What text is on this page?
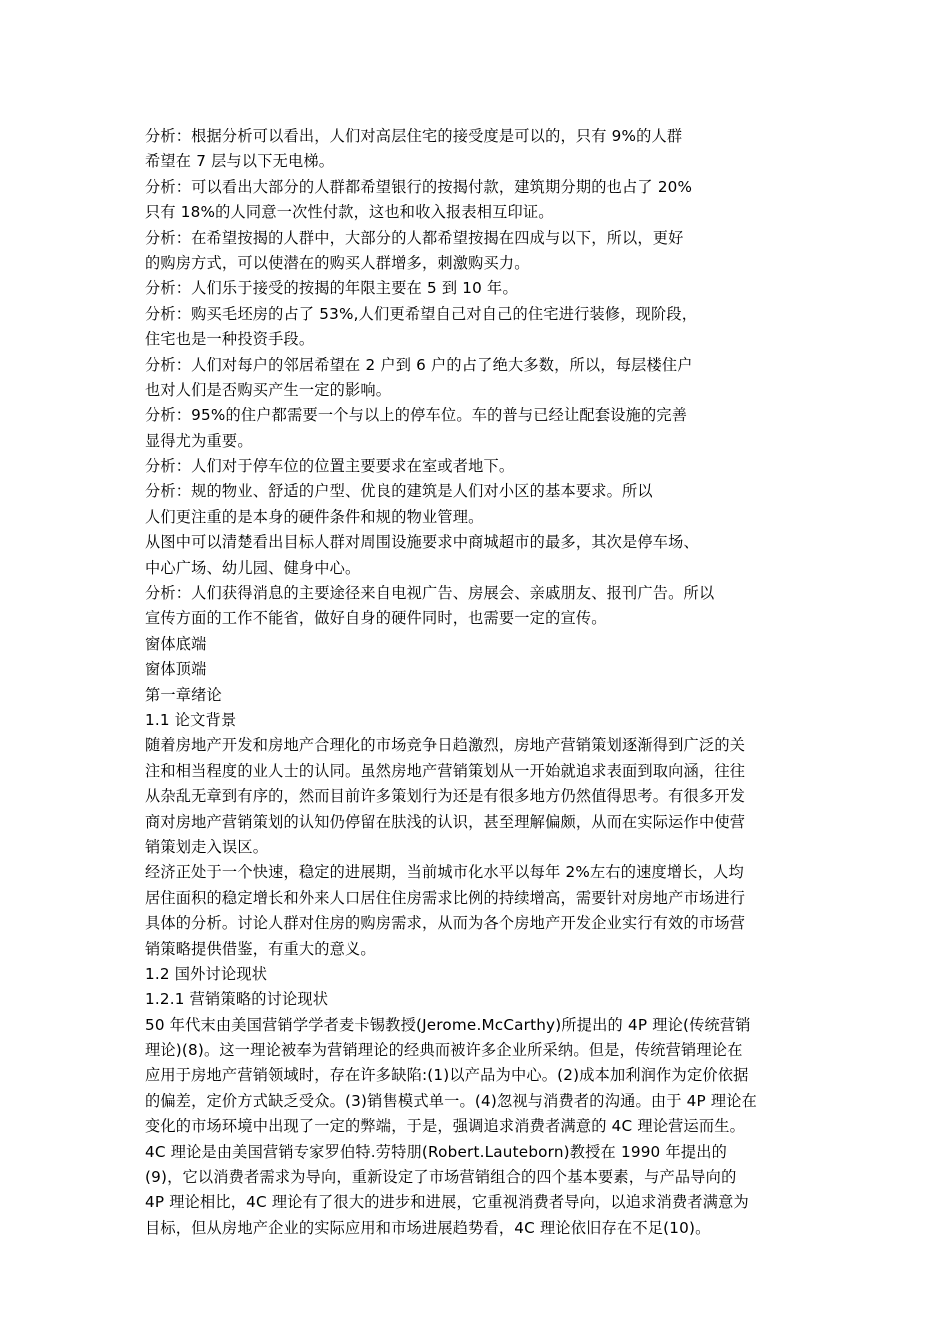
分析：根据分析可以看出，人们对高层住宅的接受度是可以的，只有 9%的人群
希望在 7 层与以下无电梯。
分析：可以看出大部分的人群都希望银行的按揭付款，建筑期分期的也占了 20%
只有 18%的人同意一次性付款，这也和收入报表相互印证。
分析：在希望按揭的人群中，大部分的人都希望按揭在四成与以下，所以，更好
的购房方式，可以使潜在的购买人群增多，刺激购买力。
分析：人们乐于接受的按揭的年限主要在 5 到 10 年。
分析：购买毛坯房的占了 53%,人们更希望自己对自己的住宅进行装修，现阶段，
住宅也是一种投资手段。
分析：人们对每户的邻居希望在 2 户到 6 户的占了绝大多数，所以，每层楼住户
也对人们是否购买产生一定的影响。
分析：95%的住户都需要一个与以上的停车位。车的普与已经让配套设施的完善
显得尤为重要。
分析：人们对于停车位的位置主要要求在室或者地下。
分析：规的物业、舒适的户型、优良的建筑是人们对小区的基本要求。所以
人们更注重的是本身的硬件条件和规的物业管理。
从图中可以清楚看出目标人群对周围设施要求中商城超市的最多，其次是停车场、
中心广场、幼儿园、健身中心。
分析：人们获得消息的主要途径来自电视广告、房展会、亲戚朋友、报刊广告。所以
宣传方面的工作不能省，做好自身的硬件同时，也需要一定的宣传。
窗体底端
窗体顶端
第一章绪论
1.1 论文背景
随着房地产开发和房地产合理化的市场竞争日趋激烈，房地产营销策划逐渐得到广泛的关
注和相当程度的业人士的认同。虽然房地产营销策划从一开始就追求表面到取向涵，往往
从杂乱无章到有序的，然而目前许多策划行为还是有很多地方仍然值得思考。有很多开发
商对房地产营销策划的认知仍停留在肤浅的认识，甚至理解偏颇，从而在实际运作中使营
销策划走入误区。
经济正处于一个快速，稳定的进展期，当前城市化水平以每年 2%左右的速度增长，人均
居住面积的稳定增长和外来人口居住住房需求比例的持续增高，需要针对房地产市场进行
具体的分析。讨论人群对住房的购房需求，从而为各个房地产开发企业实行有效的市场营
销策略提供借鉴，有重大的意义。
1.2 国外讨论现状
1.2.1 营销策略的讨论现状
50 年代末由美国营销学学者麦卡锡教授(Jerome.McCarthy)所提出的 4P 理论(传统营销
理论)(8)。这一理论被奉为营销理论的经典而被许多企业所采纳。但是，传统营销理论在
应用于房地产营销领域时，存在许多缺陷:(1)以产品为中心。(2)成本加利润作为定价依据
的偏差，定价方式缺乏受众。(3)销售模式单一。(4)忽视与消费者的沟通。由于 4P 理论在
变化的市场环境中出现了一定的弊端，于是，强调追求消费者满意的 4C 理论营运而生。
4C 理论是由美国营销专家罗伯特.劳特朋(Robert.Lauteborn)教授在 1990 年提出的
(9)，它以消费者需求为导向，重新设定了市场营销组合的四个基本要素，与产品导向的
4P 理论相比，4C 理论有了很大的进步和进展，它重视消费者导向，以追求消费者满意为
目标，但从房地产企业的实际应用和市场进展趋势看，4C 理论依旧存在不足(10)。
